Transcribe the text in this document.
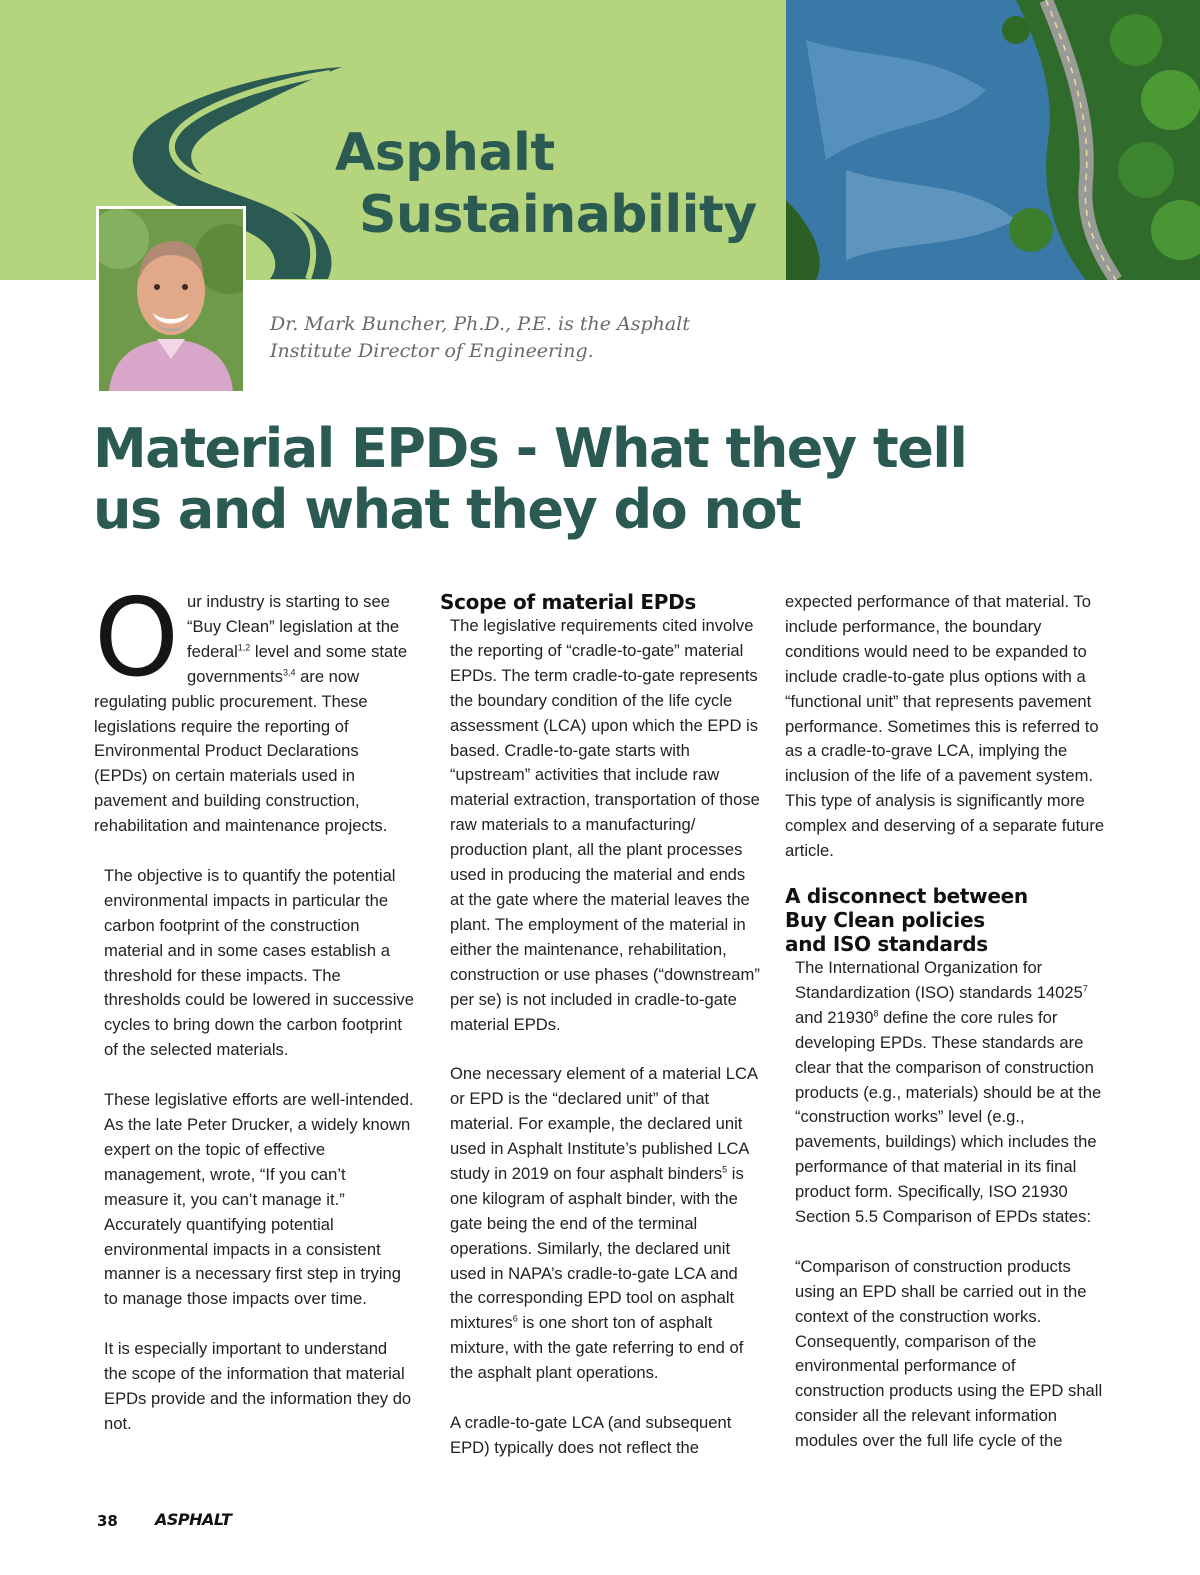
Asphalt
Sustainability
Dr. Mark Buncher, Ph.D., P.E. is the Asphalt
Institute Director of Engineering.
Material EPDs - What they tell
us and what they do not

Our industry is starting to see “Buy Clean” legislation at the federal$^{1,2}$ level and some state governments$^{3,4}$ are now regulating public procurement. These legislations require the reporting of Environmental Product Declarations (EPDs) on certain materials used in pavement and building construction, rehabilitation and maintenance projects.

The objective is to quantify the potential environmental impacts in particular the carbon footprint of the construction material and in some cases establish a threshold for these impacts. The thresholds could be lowered in successive cycles to bring down the carbon footprint of the selected materials.

These legislative efforts are well-intended. As the late Peter Drucker, a widely known expert on the topic of effective management, wrote, “If you can’t measure it, you can’t manage it.” Accurately quantifying potential environmental impacts in a consistent manner is a necessary first step in trying to manage those impacts over time.

It is especially important to understand the scope of the information that material EPDs provide and the information they do not.

Scope of material EPDs

The legislative requirements cited involve the reporting of “cradle-to-gate” material EPDs. The term cradle-to-gate represents the boundary condition of the life cycle assessment (LCA) upon which the EPD is based. Cradle-to-gate starts with “upstream” activities that include raw material extraction, transportation of those raw materials to a manufacturing/ production plant, all the plant processes used in producing the material and ends at the gate where the material leaves the plant. The employment of the material in either the maintenance, rehabilitation, construction or use phases (“downstream” per se) is not included in cradle-to-gate material EPDs.

One necessary element of a material LCA or EPD is the “declared unit” of that material. For example, the declared unit used in Asphalt Institute’s published LCA study in 2019 on four asphalt binders$^5$ is one kilogram of asphalt binder, with the gate being the end of the terminal operations. Similarly, the declared unit used in NAPA’s cradle-to-gate LCA and the corresponding EPD tool on asphalt mixtures$^6$ is one short ton of asphalt mixture, with the gate referring to end of the asphalt plant operations.

A cradle-to-gate LCA (and subsequent EPD) typically does not reflect the

expected performance of that material. To include performance, the boundary conditions would need to be expanded to include cradle-to-gate plus options with a “functional unit” that represents pavement performance. Sometimes this is referred to as a cradle-to-grave LCA, implying the inclusion of the life of a pavement system. This type of analysis is significantly more complex and deserving of a separate future article.

A disconnect between
Buy Clean policies
and ISO standards

The International Organization for Standardization (ISO) standards 14025$^7$ and 21930$^8$ define the core rules for developing EPDs. These standards are clear that the comparison of construction products (e.g., materials) should be at the “construction works” level (e.g., pavements, buildings) which includes the performance of that material in its final product form. Specifically, ISO 21930 Section 5.5 Comparison of EPDs states:

“Comparison of construction products using an EPD shall be carried out in the context of the construction works. Consequently, comparison of the environmental performance of construction products using the EPD shall consider all the relevant information modules over the full life cycle of the

38 ASPHALT
